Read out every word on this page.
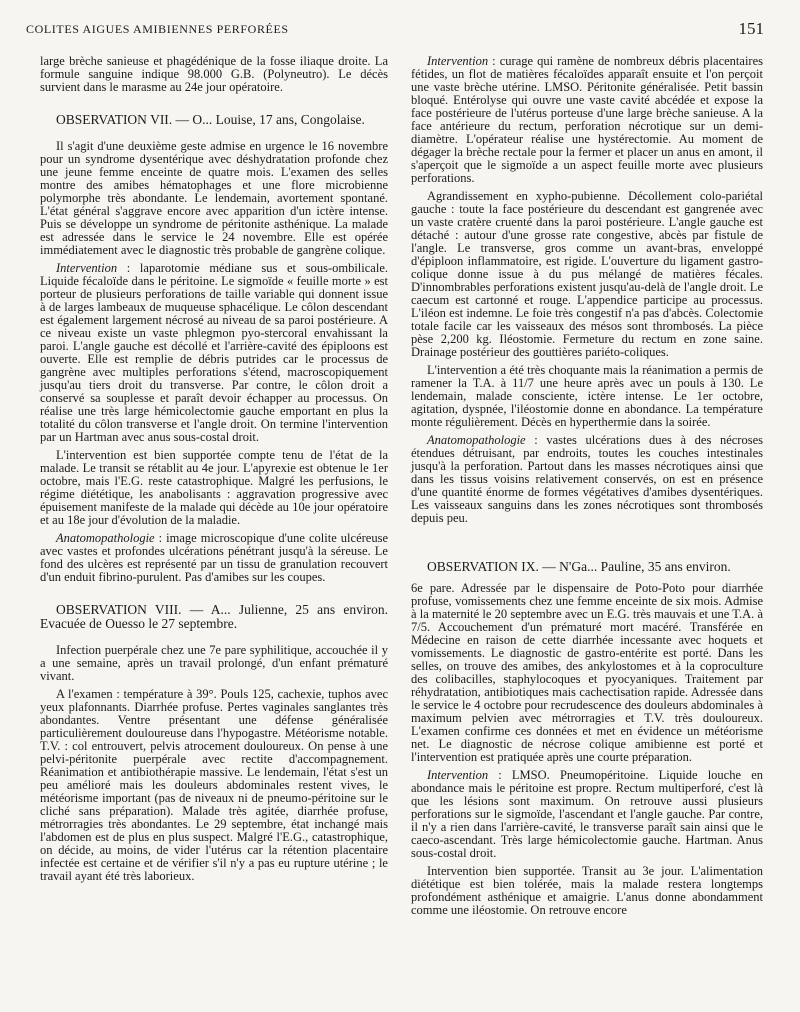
COLITES AIGUES AMIBIENNES PERFORÉES	151

large brèche sanieuse et phagédénique de la fosse iliaque droite. La formule sanguine indique 98.000 G.B. (Polyneutro). Le décès survient dans le marasme au 24e jour opératoire.

OBSERVATION VII. — O... Louise, 17 ans, Congolaise.

Il s'agit d'une deuxième geste admise en urgence le 16 novembre pour un syndrome dysentérique avec déshydratation profonde chez une jeune femme enceinte de quatre mois. L'examen des selles montre des amibes hématophages et une flore microbienne polymorphe très abondante. Le lendemain, avortement spontané. L'état général s'aggrave encore avec apparition d'un ictère intense. Puis se développe un syndrome de péritonite asthénique. La malade est adressée dans le service le 24 novembre. Elle est opérée immédiatement avec le diagnostic très probable de gangrène colique.

Intervention : laparotomie médiane sus et sous-ombilicale. Liquide fécaloïde dans le péritoine. Le sigmoïde « feuille morte » est porteur de plusieurs perforations de taille variable qui donnent issue à de larges lambeaux de muqueuse sphacélique. Le côlon descendant est également largement nécrosé au niveau de sa paroi postérieure. A ce niveau existe un vaste phlegmon pyo-stercoral envahissant la paroi. L'angle gauche est décollé et l'arrière-cavité des épiploons est ouverte. Elle est remplie de débris putrides car le processus de gangrène avec multiples perforations s'étend, macroscopiquement jusqu'au tiers droit du transverse. Par contre, le côlon droit a conservé sa souplesse et paraît devoir échapper au processus. On réalise une très large hémicolectomie gauche emportant en plus la totalité du côlon transverse et l'angle droit. On termine l'intervention par un Hartman avec anus sous-costal droit.

L'intervention est bien supportée compte tenu de l'état de la malade. Le transit se rétablit au 4e jour. L'apyrexie est obtenue le 1er octobre, mais l'E.G. reste catastrophique. Malgré les perfusions, le régime diététique, les anabolisants : aggravation progressive avec épuisement manifeste de la malade qui décède au 10e jour opératoire et au 18e jour d'évolution de la maladie.

Anatomopathologie : image microscopique d'une colite ulcéreuse avec vastes et profondes ulcérations pénétrant jusqu'à la séreuse. Le fond des ulcères est représenté par un tissu de granulation recouvert d'un enduit fibrino-purulent. Pas d'amibes sur les coupes.

OBSERVATION VIII. — A... Julienne, 25 ans environ. Evacuée de Ouesso le 27 septembre.

Infection puerpérale chez une 7e pare syphilitique, accouchée il y a une semaine, après un travail prolongé, d'un enfant prématuré vivant.

A l'examen : température à 39°. Pouls 125, cachexie, tuphos avec yeux plafonnants. Diarrhée profuse. Pertes vaginales sanglantes très abondantes. Ventre présentant une défense généralisée particulièrement douloureuse dans l'hypogastre. Météorisme notable. T.V. : col entrouvert, pelvis atrocement douloureux. On pense à une pelvi-péritonite puerpérale avec rectite d'accompagnement. Réanimation et antibiothérapie massive. Le lendemain, l'état s'est un peu amélioré mais les douleurs abdominales restent vives, le météorisme important (pas de niveaux ni de pneumo-péritoine sur le cliché sans préparation). Malade très agitée, diarrhée profuse, métrorragies très abondantes. Le 29 septembre, état inchangé mais l'abdomen est de plus en plus suspect. Malgré l'E.G., catastrophique, on décide, au moins, de vider l'utérus car la rétention placentaire infectée est certaine et de vérifier s'il n'y a pas eu rupture utérine ; le travail ayant été très laborieux.

Intervention : curage qui ramène de nombreux débris placentaires fétides, un flot de matières fécaloïdes apparaît ensuite et l'on perçoit une vaste brèche utérine. LMSO. Péritonite généralisée. Petit bassin bloqué. Entérolyse qui ouvre une vaste cavité abcédée et expose la face postérieure de l'utérus porteuse d'une large brèche sanieuse. A la face antérieure du rectum, perforation nécrotique sur un demi-diamètre. L'opérateur réalise une hystérectomie. Au moment de dégager la brèche rectale pour la fermer et placer un anus en amont, il s'aperçoit que le sigmoïde a un aspect feuille morte avec plusieurs perforations.

Agrandissement en xypho-pubienne. Décollement colo-pariétal gauche : toute la face postérieure du descendant est gangrenée avec un vaste cratère cruenté dans la paroi postérieure. L'angle gauche est détaché : autour d'une grosse rate congestive, abcès par fistule de l'angle. Le transverse, gros comme un avant-bras, enveloppé d'épiploon inflammatoire, est rigide. L'ouverture du ligament gastro-colique donne issue à du pus mélangé de matières fécales. D'innombrables perforations existent jusqu'au-delà de l'angle droit. Le caecum est cartonné et rouge. L'appendice participe au processus. L'iléon est indemne. Le foie très congestif n'a pas d'abcès. Colectomie totale facile car les vaisseaux des mésos sont thrombosés. La pièce pèse 2,200 kg. Iléostomie. Fermeture du rectum en zone saine. Drainage postérieur des gouttières pariéto-coliques.

L'intervention a été très choquante mais la réanimation a permis de ramener la T.A. à 11/7 une heure après avec un pouls à 130. Le lendemain, malade consciente, ictère intense. Le 1er octobre, agitation, dyspnée, l'iléostomie donne en abondance. La température monte régulièrement. Décès en hyperthermie dans la soirée.

Anatomopathologie : vastes ulcérations dues à des nécroses étendues détruisant, par endroits, toutes les couches intestinales jusqu'à la perforation. Partout dans les masses nécrotiques ainsi que dans les tissus voisins relativement conservés, on est en présence d'une quantité énorme de formes végétatives d'amibes dysentériques. Les vaisseaux sanguins dans les zones nécrotiques sont thrombosés depuis peu.

OBSERVATION IX. — N'Ga... Pauline, 35 ans environ.

6e pare. Adressée par le dispensaire de Poto-Poto pour diarrhée profuse, vomissements chez une femme enceinte de six mois. Admise à la maternité le 20 septembre avec un E.G. très mauvais et une T.A. à 7/5. Accouchement d'un prématuré mort macéré. Transférée en Médecine en raison de cette diarrhée incessante avec hoquets et vomissements. Le diagnostic de gastro-entérite est porté. Dans les selles, on trouve des amibes, des ankylostomes et à la coproculture des colibacilles, staphylocoques et pyocyaniques. Traitement par réhydratation, antibiotiques mais cachectisation rapide. Adressée dans le service le 4 octobre pour recrudescence des douleurs abdominales à maximum pelvien avec métrorragies et T.V. très douloureux. L'examen confirme ces données et met en évidence un météorisme net. Le diagnostic de nécrose colique amibienne est porté et l'intervention est pratiquée après une courte préparation.

Intervention : LMSO. Pneumopéritoine. Liquide louche en abondance mais le péritoine est propre. Rectum multiperforé, c'est là que les lésions sont maximum. On retrouve aussi plusieurs perforations sur le sigmoïde, l'ascendant et l'angle gauche. Par contre, il n'y a rien dans l'arrière-cavité, le transverse paraît sain ainsi que le caeco-ascendant. Très large hémicolectomie gauche. Hartman. Anus sous-costal droit.

Intervention bien supportée. Transit au 3e jour. L'alimentation diététique est bien tolérée, mais la malade restera longtemps profondément asthénique et amaigrie. L'anus donne abondamment comme une iléostomie. On retrouve encore
